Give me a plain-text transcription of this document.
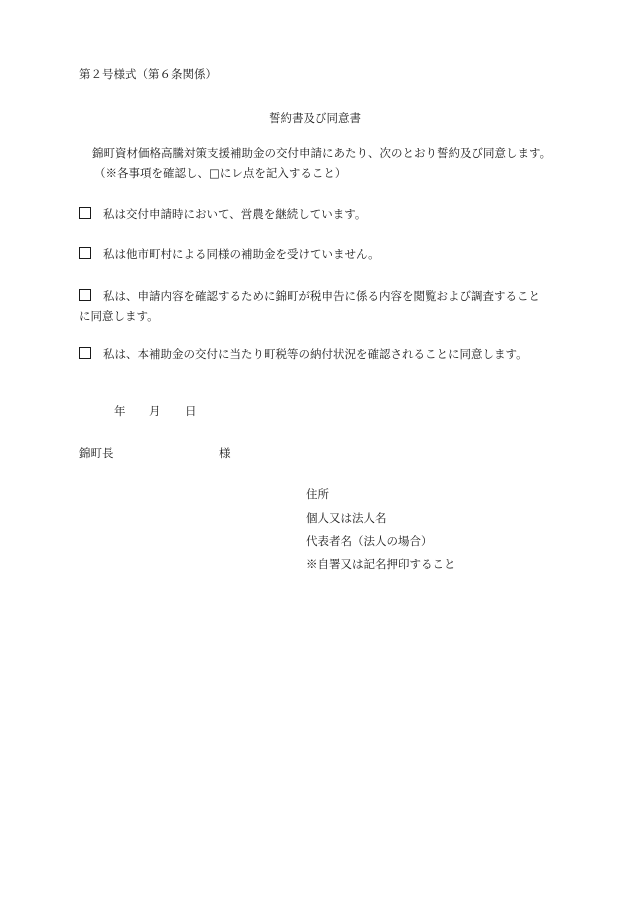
第２号様式（第６条関係）
誓約書及び同意書
錦町資材価格高騰対策支援補助金の交付申請にあたり、次のとおり誓約及び同意します。
（※各事項を確認し、□にレ点を記入すること）
私は交付申請時において、営農を継続しています。
私は他市町村による同様の補助金を受けていません。
私は、申請内容を確認するために錦町が税申告に係る内容を閲覧および調査することに同意します。
私は、本補助金の交付に当たり町税等の納付状況を確認されることに同意します。
年 月 日
錦町長	様
住所
個人又は法人名
代表者名（法人の場合）
※自署又は記名押印すること
